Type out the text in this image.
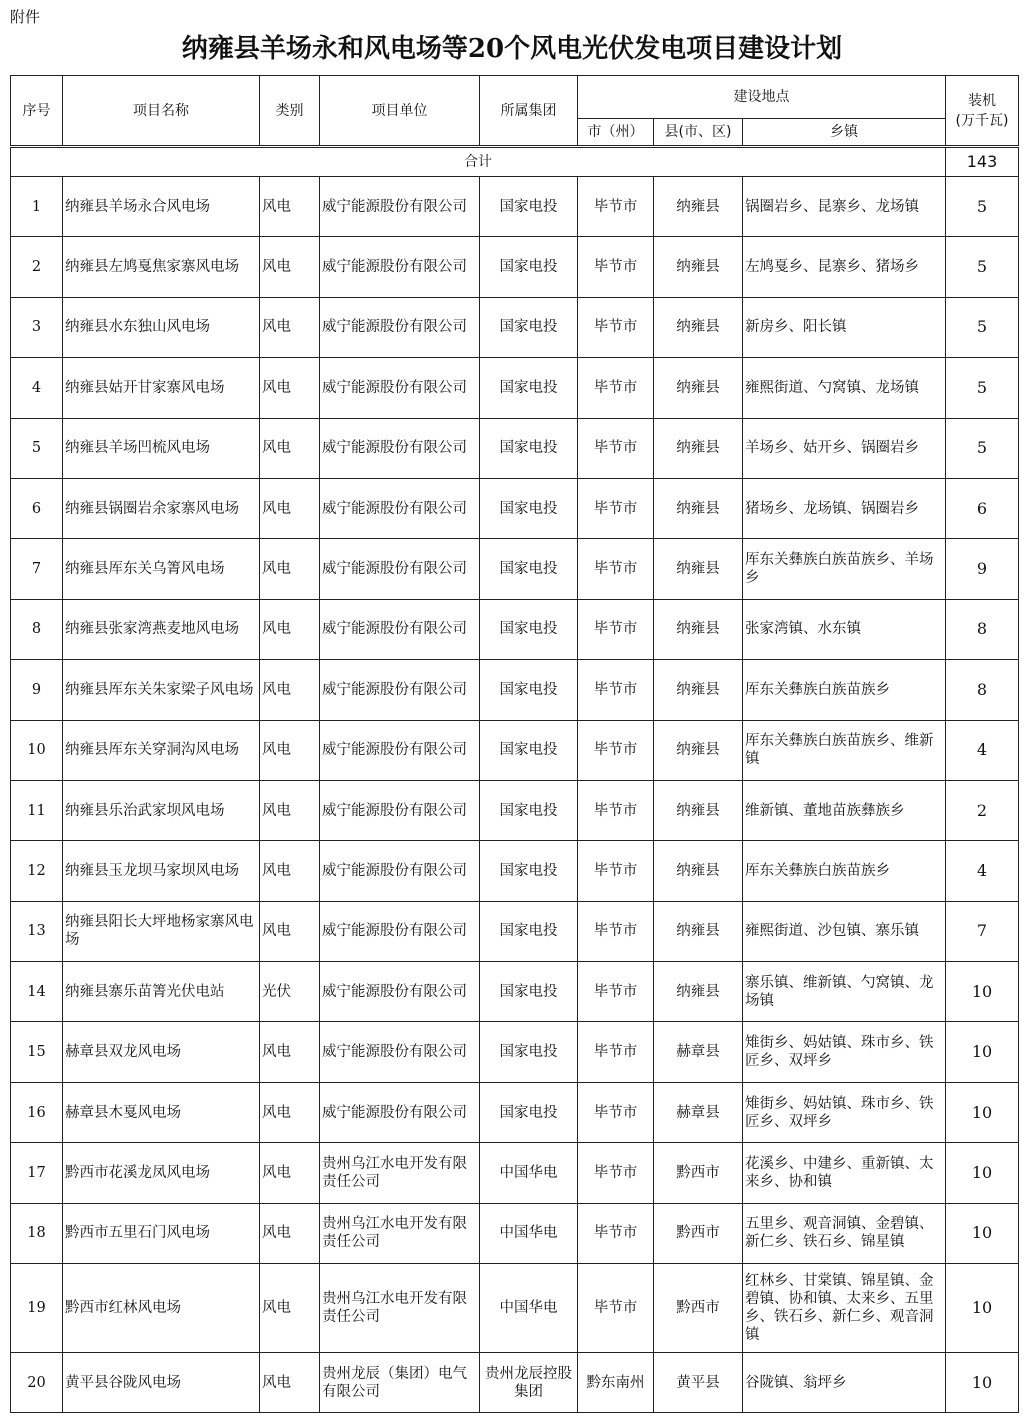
附件
纳雍县羊场永和风电场等20个风电光伏发电项目建设计划
序号	项目名称	类别	项目单位	所属集团	建设地点			装机
(万千瓦)
					市（州）	县(市、区)	乡镇	
合计								143
1	纳雍县羊场永合风电场	风电	威宁能源股份有限公司	国家电投	毕节市	纳雍县	锅圈岩乡、昆寨乡、龙场镇	5
2	纳雍县左鸠戛焦家寨风电场	风电	威宁能源股份有限公司	国家电投	毕节市	纳雍县	左鸠戛乡、昆寨乡、猪场乡	5
3	纳雍县水东独山风电场	风电	威宁能源股份有限公司	国家电投	毕节市	纳雍县	新房乡、阳长镇	5
4	纳雍县姑开甘家寨风电场	风电	威宁能源股份有限公司	国家电投	毕节市	纳雍县	雍熙街道、勺窝镇、龙场镇	5
5	纳雍县羊场凹梳风电场	风电	威宁能源股份有限公司	国家电投	毕节市	纳雍县	羊场乡、姑开乡、锅圈岩乡	5
6	纳雍县锅圈岩余家寨风电场	风电	威宁能源股份有限公司	国家电投	毕节市	纳雍县	猪场乡、龙场镇、锅圈岩乡	6
7	纳雍县厍东关乌箐风电场	风电	威宁能源股份有限公司	国家电投	毕节市	纳雍县	厍东关彝族白族苗族乡、羊场乡	9
8	纳雍县张家湾燕麦地风电场	风电	威宁能源股份有限公司	国家电投	毕节市	纳雍县	张家湾镇、水东镇	8
9	纳雍县厍东关朱家梁子风电场	风电	威宁能源股份有限公司	国家电投	毕节市	纳雍县	厍东关彝族白族苗族乡	8
10	纳雍县厍东关穿洞沟风电场	风电	威宁能源股份有限公司	国家电投	毕节市	纳雍县	厍东关彝族白族苗族乡、维新镇	4
11	纳雍县乐治武家坝风电场	风电	威宁能源股份有限公司	国家电投	毕节市	纳雍县	维新镇、董地苗族彝族乡	2
12	纳雍县玉龙坝马家坝风电场	风电	威宁能源股份有限公司	国家电投	毕节市	纳雍县	厍东关彝族白族苗族乡	4
13	纳雍县阳长大坪地杨家寨风电场	风电	威宁能源股份有限公司	国家电投	毕节市	纳雍县	雍熙街道、沙包镇、寨乐镇	7
14	纳雍县寨乐苗箐光伏电站	光伏	威宁能源股份有限公司	国家电投	毕节市	纳雍县	寨乐镇、维新镇、勺窝镇、龙场镇	10
15	赫章县双龙风电场	风电	威宁能源股份有限公司	国家电投	毕节市	赫章县	雉街乡、妈姑镇、珠市乡、铁匠乡、双坪乡	10
16	赫章县木戛风电场	风电	威宁能源股份有限公司	国家电投	毕节市	赫章县	雉街乡、妈姑镇、珠市乡、铁匠乡、双坪乡	10
17	黔西市花溪龙凤风电场	风电	贵州乌江水电开发有限责任公司	中国华电	毕节市	黔西市	花溪乡、中建乡、重新镇、太来乡、协和镇	10
18	黔西市五里石门风电场	风电	贵州乌江水电开发有限责任公司	中国华电	毕节市	黔西市	五里乡、观音洞镇、金碧镇、新仁乡、铁石乡、锦星镇	10
19	黔西市红林风电场	风电	贵州乌江水电开发有限责任公司	中国华电	毕节市	黔西市	红林乡、甘棠镇、锦星镇、金碧镇、协和镇、太来乡、五里乡、铁石乡、新仁乡、观音洞镇	10
20	黄平县谷陇风电场	风电	贵州龙辰（集团）电气有限公司	贵州龙辰控股集团	黔东南州	黄平县	谷陇镇、翁坪乡	10
